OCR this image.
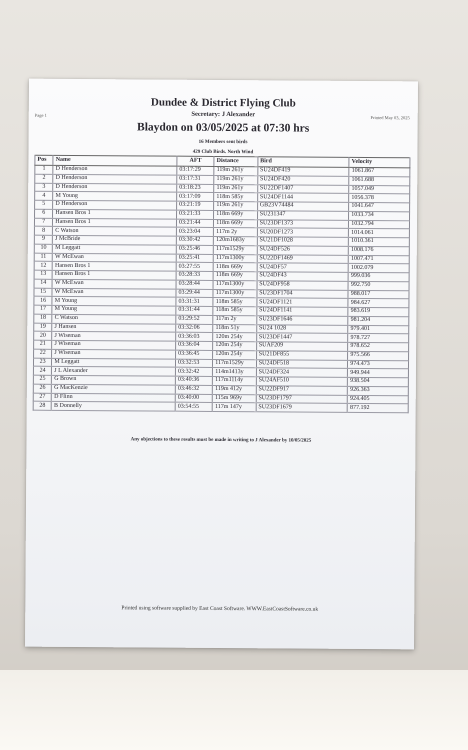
Page 1	Printed May 03, 2025
Dundee & District Flying Club
Secretary: J Alexander
Blaydon on 03/05/2025 at 07:30 hrs
16 Members sent birds
429 Club Birds. North Wind
Pos	Name	AFT	Distance	Bird	Velocity
1	D Henderson	03:17:29	119m 261y	SU24DF419	1061.867
2	D Henderson	03:17:31	119m 261y	SU24DF420	1061.688
3	D Henderson	03:18:23	119m 261y	SU22DF1407	1057.049
4	M Young	03:17:09	118m 585y	SU24DF1144	1056.378
5	D Henderson	03:21:19	119m 261y	GB23V74484	1041.647
6	Hansen Bros 1	03:21:33	118m 669y	SU231347	1033.734
7	Hansen Bros 1	03:21:44	118m 669y	SU23DF1373	1032.794
8	C Watson	03:23:04	117m 2y	SU20DF1273	1014.061
9	J McBride	03:30:42	120m1683y	SU21DF1028	1010.361
10	M Leggatt	03:25:46	117m1529y	SU24DF526	1008.176
11	W McEwan	03:25:41	117m1300y	SU22DF1469	1007.471
12	Hansen Bros 1	03:27:55	118m 669y	SU24DF57	1002.079
13	Hansen Bros 1	03:28:33	118m 669y	SU24DF43	999.036
14	W McEwan	03:28:44	117m1300y	SU24DF958	992.750
15	W McEwan	03:29:44	117m1300y	SU23DF1704	988.017
16	M Young	03:31:31	118m 585y	SU24DF1121	984.627
17	M Young	03:31:44	118m 585y	SU24DF1141	983.619
18	C Watson	03:29:52	117m 2y	SU23DF1646	981.204
19	J Hansen	03:32:06	118m 51y	SU24 1028	979.401
20	J Wiseman	03:36:03	120m 254y	SU23DF1447	978.727
21	J Wiseman	03:36:04	120m 254y	SUAF209	978.652
22	J Wiseman	03:36:45	120m 254y	SU21DF855	975.566
23	M Leggatt	03:32:53	117m1529y	SU24DF518	974.473
24	J L Alexander	03:32:42	114m1413y	SU24DF324	949.944
25	G Brown	03:40:36	117m1114y	SU24AF510	938.504
26	G MacKenzie	03:46:32	119m 412y	SU22DF917	926.363
27	D Flinn	03:40:00	115m 969y	SU23DF1797	924.405
28	B Donnelly	03:54:55	117m 147y	SU23DF1679	877.192
Any objections to these results must be made in writing to J Alexander by 10/05/2025
Printed using software supplied by East Coast Software. WWW.EastCoastSoftware.co.uk
